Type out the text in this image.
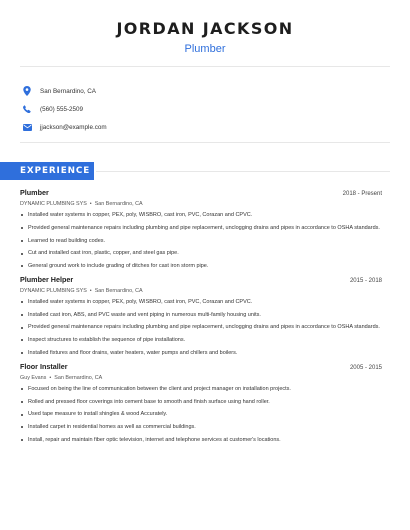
JORDAN JACKSON
Plumber
San Bernardino, CA
(560) 555-2509
jjackson@example.com
EXPERIENCE
Plumber	2018 - Present
DYNAMIC PLUMBING SYS • San Bernardino, CA
Installed water systems in copper, PEX, poly, WISBRO, cast iron, PVC, Corazan and CPVC.
Provided general maintenance repairs including plumbing and pipe replacement, unclogging drains and pipes in accordance to OSHA standards.
Learned to read building codes.
Cut and installed cast iron, plastic, copper, and steel gas pipe.
General ground work to include grading of ditches for cast iron storm pipe.
Plumber Helper	2015 - 2018
DYNAMIC PLUMBING SYS • San Bernardino, CA
Installed water systems in copper, PEX, poly, WISBRO, cast iron, PVC, Corazan and CPVC.
Installed cast iron, ABS, and PVC waste and vent piping in numerous multi-family housing units.
Provided general maintenance repairs including plumbing and pipe replacement, unclogging drains and pipes in accordance to OSHA standards.
Inspect structures to establish the sequence of pipe installations.
Installed fixtures and floor drains, water heaters, water pumps and chillers and boilers.
Floor Installer	2005 - 2015
Guy Evans • San Bernardino, CA
Focused on being the line of communication between the client and project manager on installation projects.
Rolled and pressed floor coverings into cement base to smooth and finish surface using hand roller.
Used tape measure to install shingles & wood Accurately.
Installed carpet in residential homes as well as commercial buildings.
Install, repair and maintain fiber optic television, internet and telephone services at customer's locations.
